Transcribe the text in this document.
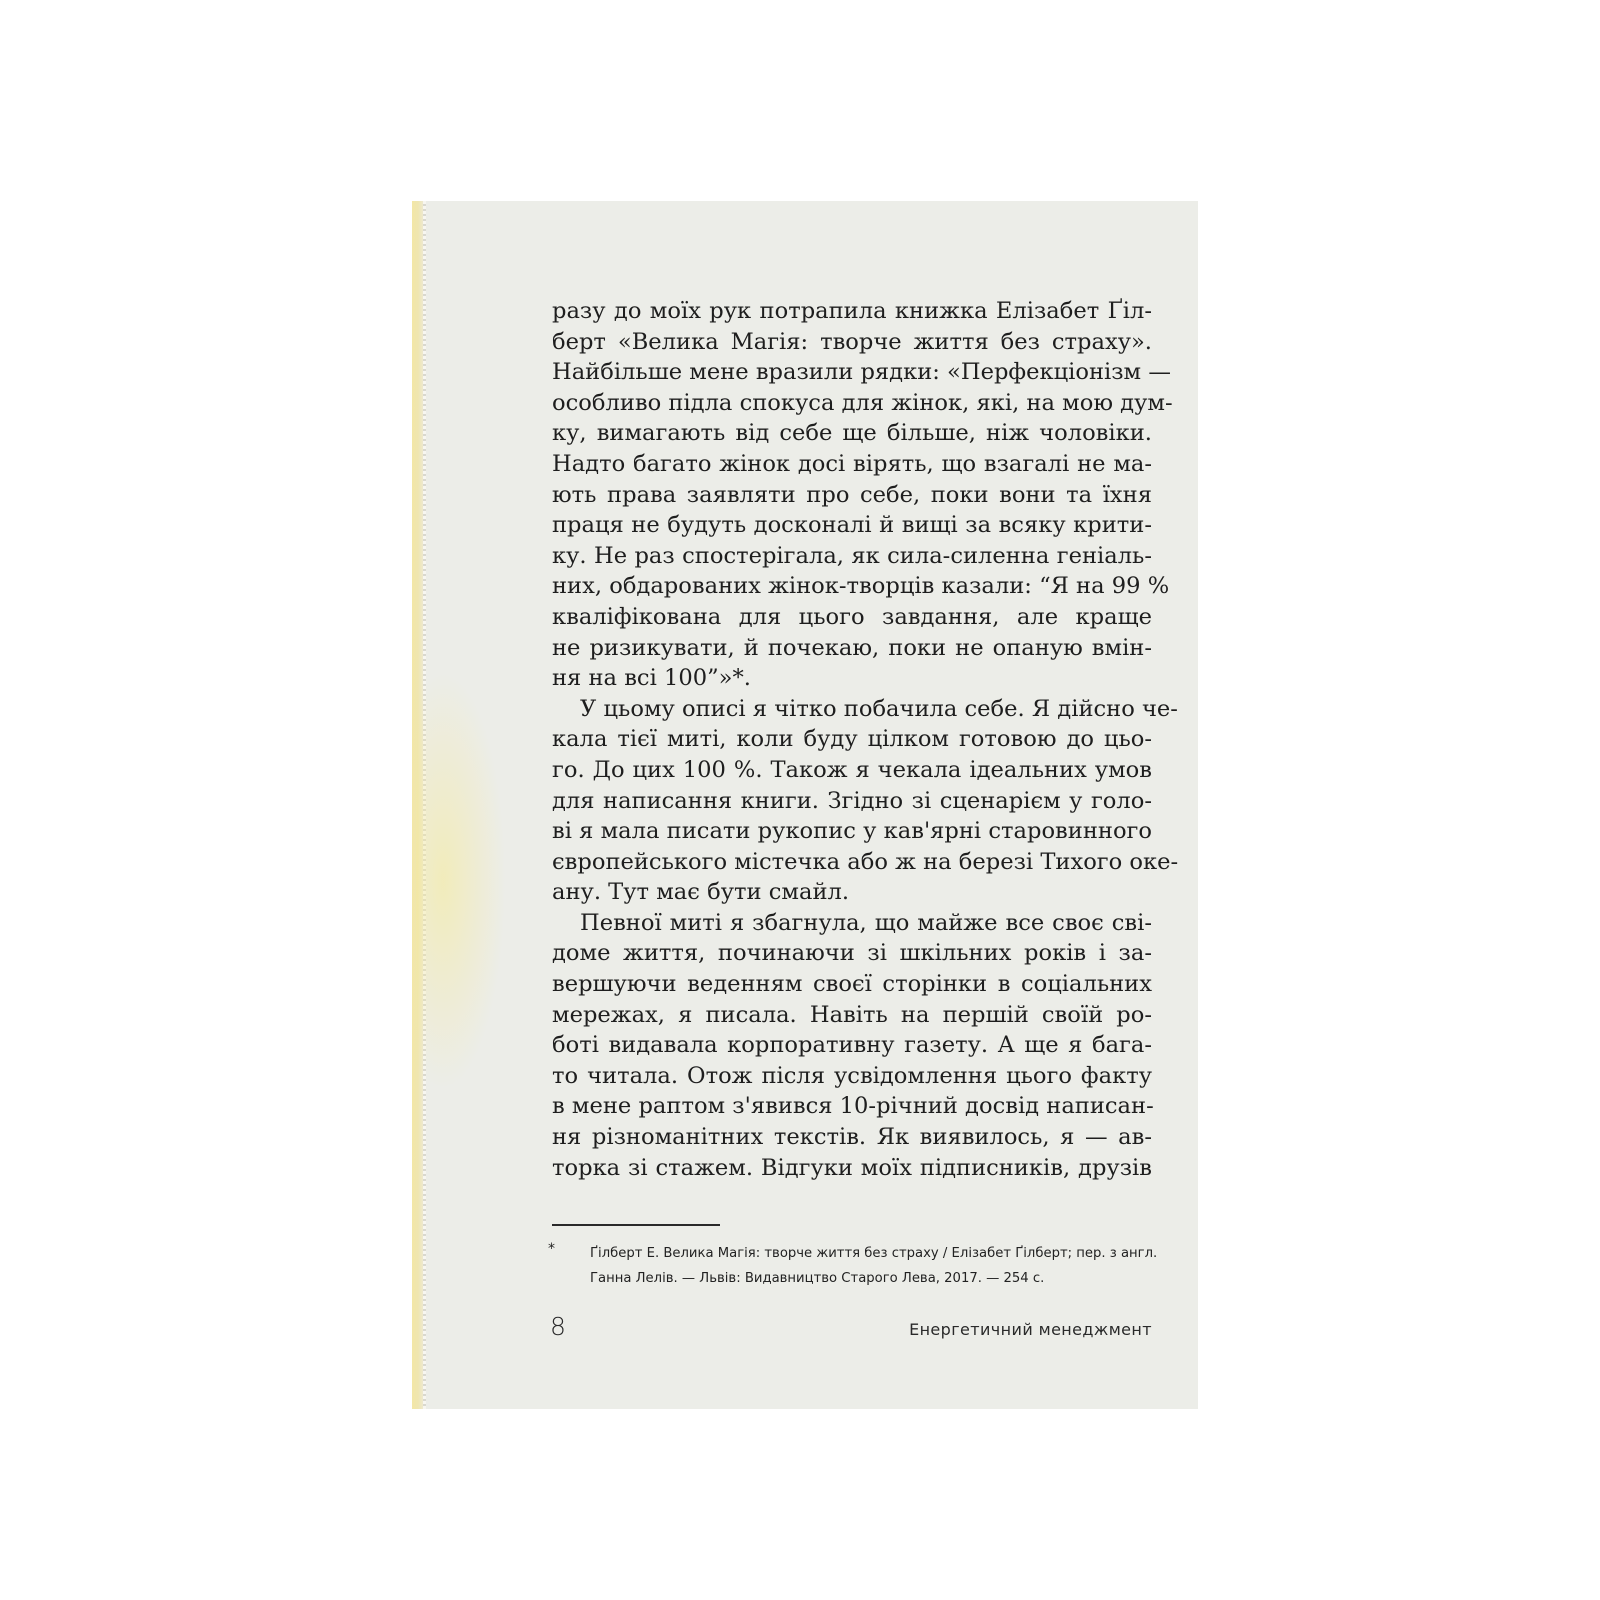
разу до моїх рук потрапила книжка Елізабет Ґіл-
берт «Велика Магія: творче життя без страху».
Найбільше мене вразили рядки: «Перфекціонізм —
особливо підла спокуса для жінок, які, на мою дум-
ку, вимагають від себе ще більше, ніж чоловіки.
Надто багато жінок досі вірять, що взагалі не ма-
ють права заявляти про себе, поки вони та їхня
праця не будуть досконалі й вищі за всяку крити-
ку. Не раз спостерігала, як сила-силенна геніаль-
них, обдарованих жінок-творців казали: “Я на 99 %
кваліфікована для цього завдання, але краще
не ризикувати, й почекаю, поки не опаную вмін-
ня на всі 100”»*.
У цьому описі я чітко побачила себе. Я дійсно че-
кала тієї миті, коли буду цілком готовою до цьо-
го. До цих 100 %. Також я чекала ідеальних умов
для написання книги. Згідно зі сценарієм у голо-
ві я мала писати рукопис у кав'ярні старовинного
європейського містечка або ж на березі Тихого оке-
ану. Тут має бути смайл.
Певної миті я збагнула, що майже все своє сві-
доме життя, починаючи зі шкільних років і за-
вершуючи веденням своєї сторінки в соціальних
мережах, я писала. Навіть на першій своїй ро-
боті видавала корпоративну газету. А ще я бага-
то читала. Отож після усвідомлення цього факту
в мене раптом з'явився 10-річний досвід написан-
ня різноманітних текстів. Як виявилось, я — ав-
торка зі стажем. Відгуки моїх підписників, друзів
*	Ґілберт Е. Велика Магія: творче життя без страху / Елізабет Ґілберт; пер. з англ.
Ганна Лелів. — Львів: Видавництво Старого Лева, 2017. — 254 с.
8	Енергетичний менеджмент
